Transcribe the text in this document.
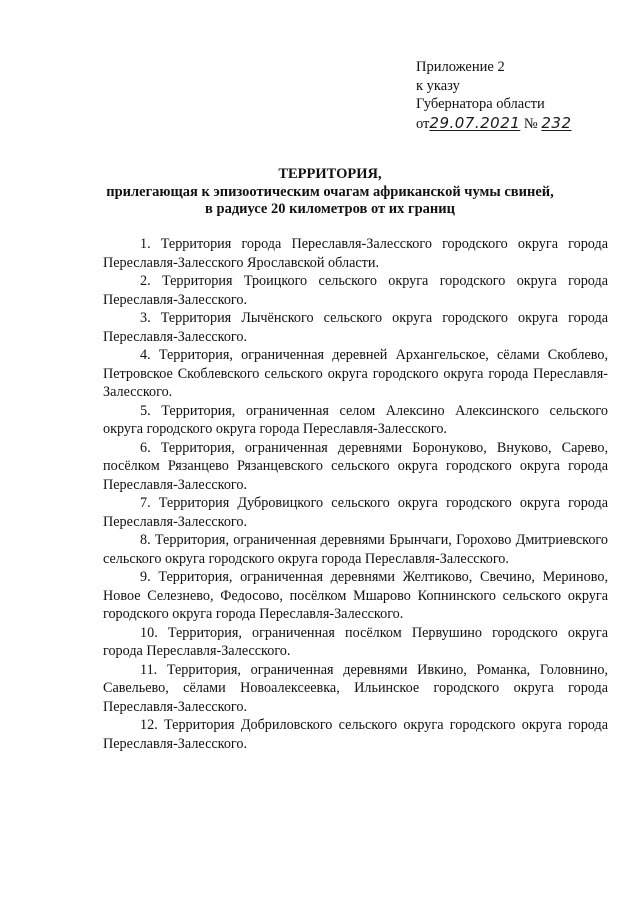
Приложение 2
к указу
Губернатора области
от29.07.2021 № 232
ТЕРРИТОРИЯ,
прилегающая к эпизоотическим очагам африканской чумы свиней,
в радиусе 20 километров от их границ

1. Территория города Переславля-Залесского городского округа города Переславля-Залесского Ярославской области.

2. Территория Троицкого сельского округа городского округа города Переславля-Залесского.

3. Территория Лычёнского сельского округа городского округа города Переславля-Залесского.

4. Территория, ограниченная деревней Архангельское, сёлами Скоблево, Петровское Скоблевского сельского округа городского округа города Переславля-Залесского.

5. Территория, ограниченная селом Алексино Алексинского сельского округа городского округа города Переславля-Залесского.

6. Территория, ограниченная деревнями Боронуково, Внуково, Сарево, посёлком Рязанцево Рязанцевского сельского округа городского округа города Переславля-Залесского.

7. Территория Дубровицкого сельского округа городского округа города Переславля-Залесского.

8. Территория, ограниченная деревнями Брынчаги, Горохово Дмитриевского сельского округа городского округа города Переславля-Залесского.

9. Территория, ограниченная деревнями Желтиково, Свечино, Мериново, Новое Селезнево, Федосово, посёлком Мшарово Копнинского сельского округа городского округа города Переславля-Залесского.

10. Территория, ограниченная посёлком Первушино городского округа города Переславля-Залесского.

11. Территория, ограниченная деревнями Ивкино, Романка, Головнино, Савельево, сёлами Новоалексеевка, Ильинское городского округа города Переславля-Залесского.

12. Территория Добриловского сельского округа городского округа города Переславля-Залесского.
